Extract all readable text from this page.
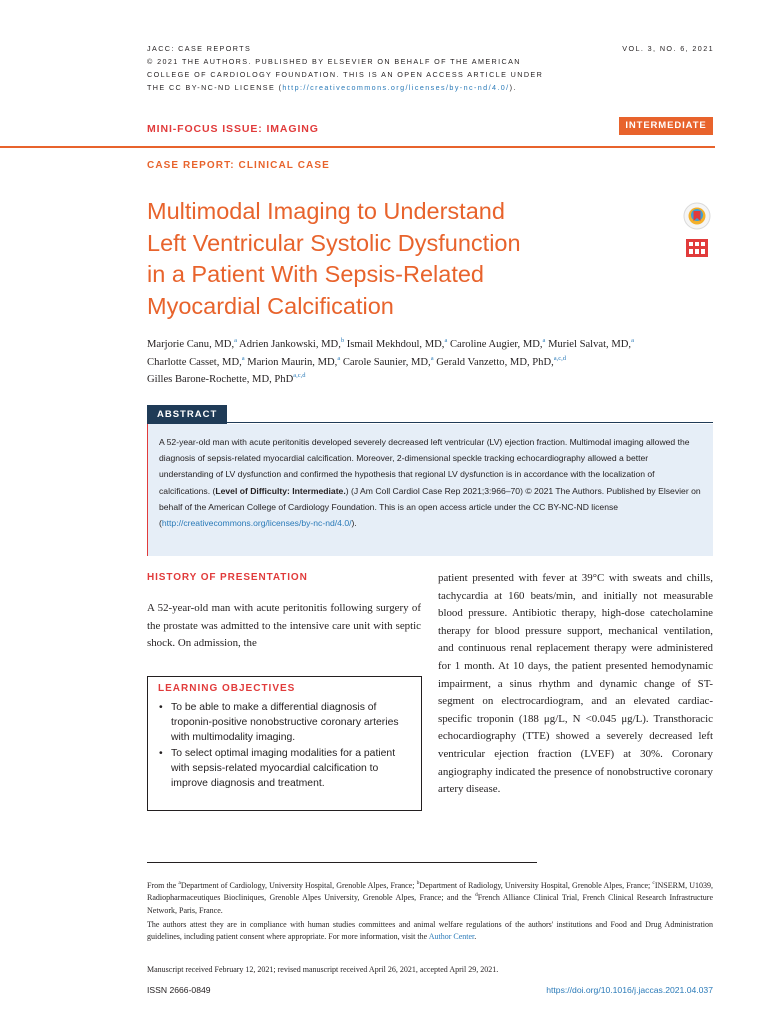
JACC: CASE REPORTS	VOL. 3, NO. 6, 2021
© 2021 THE AUTHORS. PUBLISHED BY ELSEVIER ON BEHALF OF THE AMERICAN
COLLEGE OF CARDIOLOGY FOUNDATION. THIS IS AN OPEN ACCESS ARTICLE UNDER
THE CC BY-NC-ND LICENSE (http://creativecommons.org/licenses/by-nc-nd/4.0/).
MINI-FOCUS ISSUE: IMAGING	INTERMEDIATE
CASE REPORT: CLINICAL CASE
Multimodal Imaging to Understand
Left Ventricular Systolic Dysfunction
in a Patient With Sepsis-Related
Myocardial Calcification
Marjorie Canu, MD,$^a$ Adrien Jankowski, MD,$^b$ Ismail Mekhdoul, MD,$^a$ Caroline Augier, MD,$^a$ Muriel Salvat, MD,$^a$
Charlotte Casset, MD,$^a$ Marion Maurin, MD,$^a$ Carole Saunier, MD,$^a$ Gerald Vanzetto, MD, PhD,$^{a,c,d}$
Gilles Barone-Rochette, MD, PhD$^{a,c,d}$
ABSTRACT
A 52-year-old man with acute peritonitis developed severely decreased left ventricular (LV) ejection fraction. Multimodal imaging allowed the diagnosis of sepsis-related myocardial calcification. Moreover, 2-dimensional speckle tracking echocardiography allowed a better understanding of LV dysfunction and confirmed the hypothesis that regional LV dysfunction is in accordance with the localization of calcifications. (Level of Difficulty: Intermediate.) (J Am Coll Cardiol Case Rep 2021;3:966–70) © 2021 The Authors. Published by Elsevier on behalf of the American College of Cardiology Foundation. This is an open access article under the CC BY-NC-ND license (http://creativecommons.org/licenses/by-nc-nd/4.0/).
HISTORY OF PRESENTATION
A 52-year-old man with acute peritonitis following surgery of the prostate was admitted to the intensive care unit with septic shock. On admission, the
patient presented with fever at 39°C with sweats and chills, tachycardia at 160 beats/min, and initially not measurable blood pressure. Antibiotic therapy, high-dose catecholamine therapy for blood pressure support, mechanical ventilation, and continuous renal replacement therapy were administered for 1 month. At 10 days, the patient presented hemodynamic impairment, a sinus rhythm and dynamic change of ST-segment on electrocardiogram, and an elevated cardiac-specific troponin (188 μg/L, N <0.045 μg/L). Transthoracic echocardiography (TTE) showed a severely decreased left ventricular ejection fraction (LVEF) at 30%. Coronary angiography indicated the presence of nonobstructive coronary artery disease.
LEARNING OBJECTIVES
• To be able to make a differential diagnosis of troponin-positive nonobstructive coronary arteries with multimodality imaging.
• To select optimal imaging modalities for a patient with sepsis-related myocardial calcification to improve diagnosis and treatment.
From the $^a$Department of Cardiology, University Hospital, Grenoble Alpes, France; $^b$Department of Radiology, University Hospital, Grenoble Alpes, France; $^c$INSERM, U1039, Radiopharmaceutiques Biocliniques, Grenoble Alpes University, Grenoble Alpes, France; and the $^d$French Alliance Clinical Trial, French Clinical Research Infrastructure Network, Paris, France.
The authors attest they are in compliance with human studies committees and animal welfare regulations of the authors' institutions and Food and Drug Administration guidelines, including patient consent where appropriate. For more information, visit the Author Center.
Manuscript received February 12, 2021; revised manuscript received April 26, 2021, accepted April 29, 2021.
ISSN 2666-0849	https://doi.org/10.1016/j.jaccas.2021.04.037
